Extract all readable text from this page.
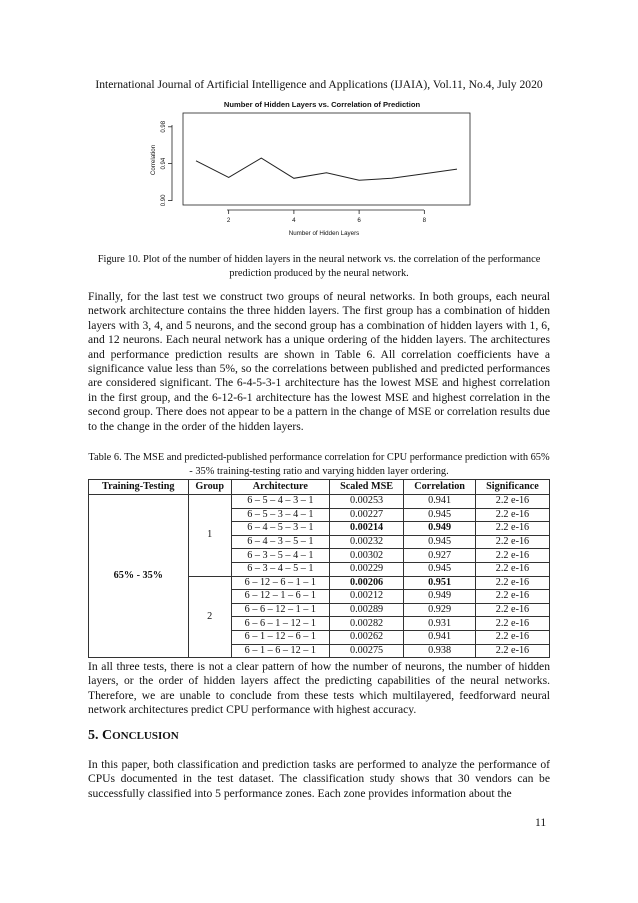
International Journal of Artificial Intelligence and Applications (IJAIA), Vol.11, No.4, July 2020
Number of Hidden Layers vs. Correlation of Prediction
0.90
0.94
0.98
2	4	6	8
Number of Hidden Layers
Correlation
Figure 10. Plot of the number of hidden layers in the neural network vs. the correlation of the performance prediction produced by the neural network.
Finally, for the last test we construct two groups of neural networks. In both groups, each neural network architecture contains the three hidden layers. The first group has a combination of hidden layers with 3, 4, and 5 neurons, and the second group has a combination of hidden layers with 1, 6, and 12 neurons. Each neural network has a unique ordering of the hidden layers. The architectures and performance prediction results are shown in Table 6. All correlation coefficients have a significance value less than 5%, so the correlations between published and predicted performances are considered significant. The 6-4-5-3-1 architecture has the lowest MSE and highest correlation in the first group, and the 6-12-6-1 architecture has the lowest MSE and highest correlation in the second group. There does not appear to be a pattern in the change of MSE or correlation results due to the change in the order of the hidden layers.
Table 6. The MSE and predicted-published performance correlation for CPU performance prediction with 65% - 35% training-testing ratio and varying hidden layer ordering.
Training-Testing	Group	Architecture	Scaled MSE	Correlation	Significance
65% - 35%	1	6 – 5 – 4 – 3 – 1	0.00253	0.941	2.2 e-16
		6 – 5 – 3 – 4 – 1	0.00227	0.945	2.2 e-16
		6 – 4 – 5 – 3 – 1	0.00214	0.949	2.2 e-16
		6 – 4 – 3 – 5 – 1	0.00232	0.945	2.2 e-16
		6 – 3 – 5 – 4 – 1	0.00302	0.927	2.2 e-16
		6 – 3 – 4 – 5 – 1	0.00229	0.945	2.2 e-16
	2	6 – 12 – 6 – 1 – 1	0.00206	0.951	2.2 e-16
		6 – 12 – 1 – 6 – 1	0.00212	0.949	2.2 e-16
		6 – 6 – 12 – 1 – 1	0.00289	0.929	2.2 e-16
		6 – 6 – 1 – 12 – 1	0.00282	0.931	2.2 e-16
		6 – 1 – 12 – 6 – 1	0.00262	0.941	2.2 e-16
		6 – 1 – 6 – 12 – 1	0.00275	0.938	2.2 e-16
In all three tests, there is not a clear pattern of how the number of neurons, the number of hidden layers, or the order of hidden layers affect the predicting capabilities of the neural networks. Therefore, we are unable to conclude from these tests which multilayered, feedforward neural network architectures predict CPU performance with highest accuracy.
5. CONCLUSION
In this paper, both classification and prediction tasks are performed to analyze the performance of CPUs documented in the test dataset. The classification study shows that 30 vendors can be successfully classified into 5 performance zones. Each zone provides information about the
11
